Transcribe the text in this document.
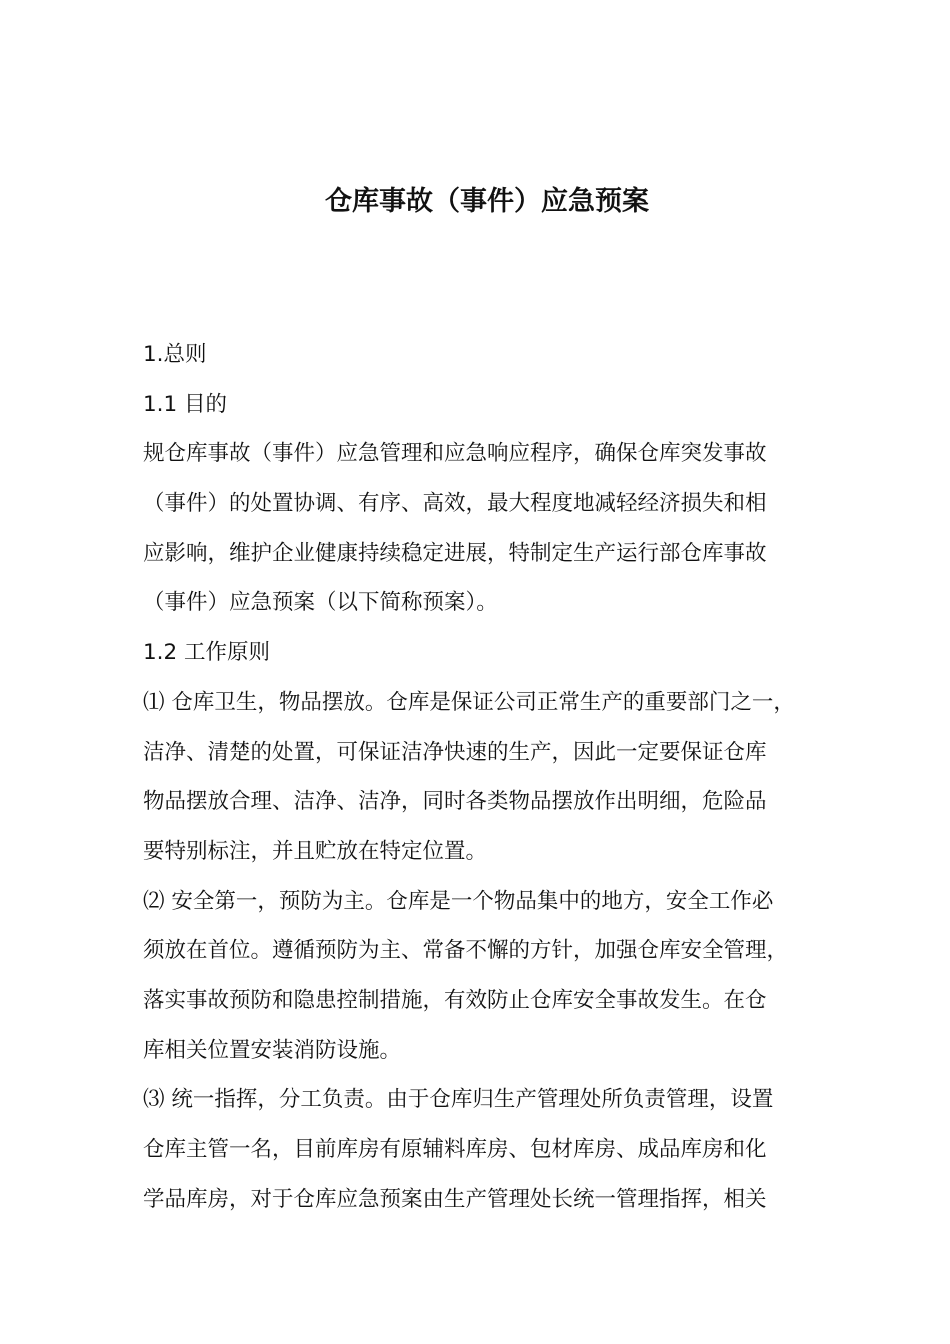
仓库事故（事件）应急预案
1.总则
1.1 目的
规仓库事故（事件）应急管理和应急响应程序，确保仓库突发事故
（事件）的处置协调、有序、高效，最大程度地减轻经济损失和相
应影响，维护企业健康持续稳定进展，特制定生产运行部仓库事故
（事件）应急预案（以下简称预案）。
1.2 工作原则
⑴ 仓库卫生，物品摆放。仓库是保证公司正常生产的重要部门之一，
洁净、清楚的处置，可保证洁净快速的生产，因此一定要保证仓库
物品摆放合理、洁净、洁净，同时各类物品摆放作出明细，危险品
要特别标注，并且贮放在特定位置。
⑵ 安全第一，预防为主。仓库是一个物品集中的地方，安全工作必
须放在首位。遵循预防为主、常备不懈的方针，加强仓库安全管理，
落实事故预防和隐患控制措施，有效防止仓库安全事故发生。在仓
库相关位置安装消防设施。
⑶ 统一指挥，分工负责。由于仓库归生产管理处所负责管理，设置
仓库主管一名，目前库房有原辅料库房、包材库房、成品库房和化
学品库房，对于仓库应急预案由生产管理处长统一管理指挥，相关
